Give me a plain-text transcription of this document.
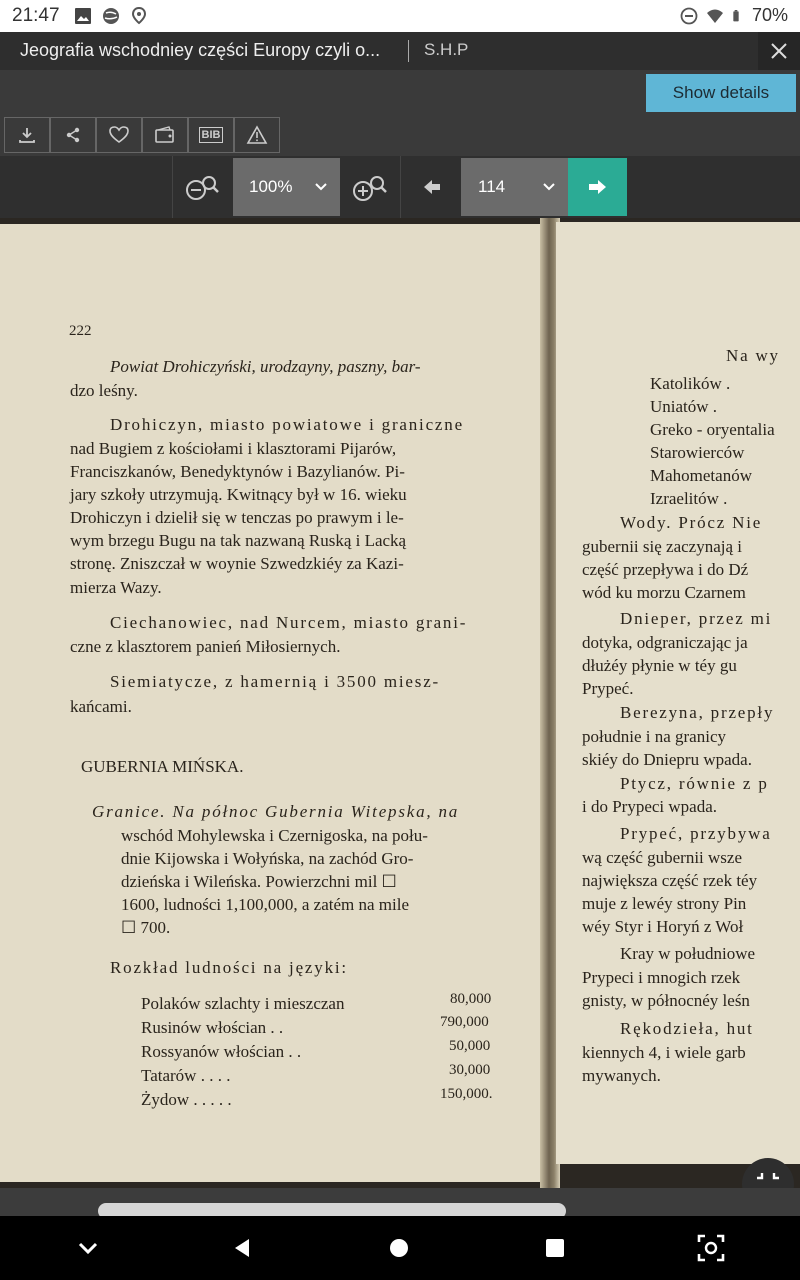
21:47	70%
Jeografia wschodniey części Europy czyli o...	S.H.P
Show details
BIB
100%	114
222
Powiat Drohiczyński, urodzayny, paszny, bar-
dzo leśny.
Drohiczyn, miasto powiatowe i graniczne
nad Bugiem z kościołami i klasztorami Pijarów,
Franciszkanów, Benedyktynów i Bazylianów. Pi-
jary szkoły utrzymują. Kwitnący był w 16. wieku
Drohiczyn i dzielił się w tenczas po prawym i le-
wym brzegu Bugu na tak nazwaną Ruską i Lacką
stronę. Zniszczał w woynie Szwedzkiéy za Kazi-
mierza Wazy.
Ciechanowiec, nad Nurcem, miasto grani-
czne z klasztorem panień Miłosiernych.
Siemiatycze, z hamernią i 3500 miesz-
kańcami.
GUBERNIA MIŃSKA.
Granice. Na północ Gubernia Witepska, na
wschód Mohylewska i Czernigoska, na połu-
dnie Kijowska i Wołyńska, na zachód Gro-
dzieńska i Wileńska. Powierzchni mil ☐
1600, ludności 1,100,000, a zatém na mile
☐ 700.
Rozkład ludności na języki:
Polaków szlachty i mieszczan	80,000
Rusinów włościan . .	790,000
Rossyanów włościan . .	50,000
Tatarów . . . .	30,000
Żydow . . . . .	150,000.
Na wy
Katolików .
Uniatów .
Greko - oryentalia
Starowierców
Mahometanów
Izraelitów .
Wody. Prócz Nie
gubernii się zaczynają i
część przepływa i do Dź
wód ku morzu Czarnem
Dnieper, przez mi
dotyka, odgraniczając ja
dłużéy płynie w téy gu
Prypeć.
Berezyna, przepły
południe i na granicy
skiéy do Dniepru wpada.
Ptycz, równie z p
i do Prypeci wpada.
Prypeć, przybywa
wą część gubernii wsze
największa część rzek téy
muje z lewéy strony Pin
wéy Styr i Horyń z Woł
Kray w południowe
Prypeci i mnogich rzek
gnisty, w północnéy leśn
Rękodzieła, hut
kiennych 4, i wiele garb
mywanych.
